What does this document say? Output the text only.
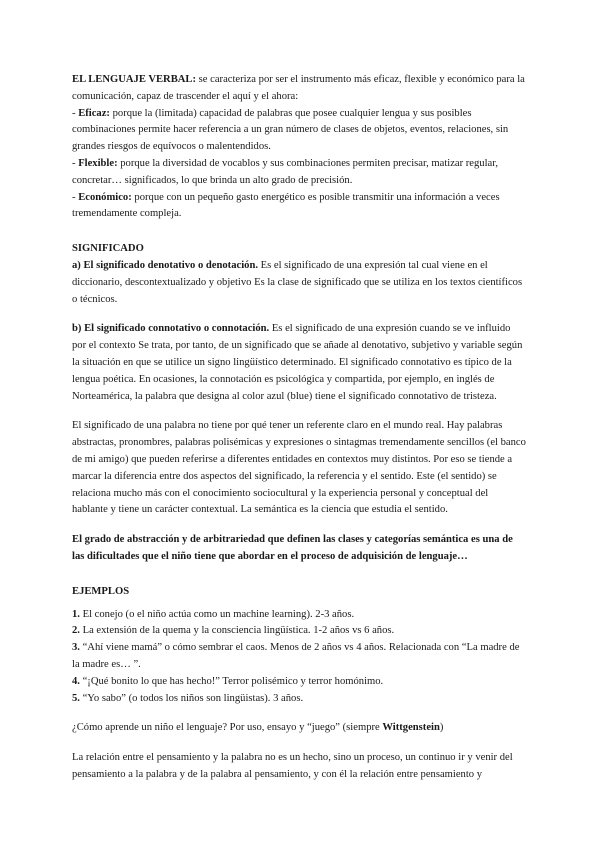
EL LENGUAJE VERBAL: se caracteriza por ser el instrumento más eficaz, flexible y económico para la comunicación, capaz de trascender el aquí y el ahora:

- Eficaz: porque la (limitada) capacidad de palabras que posee cualquier lengua y sus posibles combinaciones permite hacer referencia a un gran número de clases de objetos, eventos, relaciones, sin grandes riesgos de equívocos o malentendidos.

- Flexible: porque la diversidad de vocablos y sus combinaciones permiten precisar, matizar regular, concretar… significados, lo que brinda un alto grado de precisión.

- Económico: porque con un pequeño gasto energético es posible transmitir una información a veces tremendamente compleja.

SIGNIFICADO

a) El significado denotativo o denotación. Es el significado de una expresión tal cual viene en el diccionario, descontextualizado y objetivo Es la clase de significado que se utiliza en los textos científicos o técnicos.

b) El significado connotativo o connotación. Es el significado de una expresión cuando se ve influido por el contexto Se trata, por tanto, de un significado que se añade al denotativo, subjetivo y variable según la situación en que se utilice un signo lingüístico determinado. El significado connotativo es típico de la lengua poética. En ocasiones, la connotación es psicológica y compartida, por ejemplo, en inglés de Norteamérica, la palabra que designa al color azul (blue) tiene el significado connotativo de tristeza.

El significado de una palabra no tiene por qué tener un referente claro en el mundo real. Hay palabras abstractas, pronombres, palabras polisémicas y expresiones o sintagmas tremendamente sencillos (el banco de mi amigo) que pueden referirse a diferentes entidades en contextos muy distintos. Por eso se tiende a marcar la diferencia entre dos aspectos del significado, la referencia y el sentido. Este (el sentido) se relaciona mucho más con el conocimiento sociocultural y la experiencia personal y conceptual del hablante y tiene un carácter contextual. La semántica es la ciencia que estudia el sentido.

El grado de abstracción y de arbitrariedad que definen las clases y categorías semántica es una de las dificultades que el niño tiene que abordar en el proceso de adquisición de lenguaje…

EJEMPLOS

1. El conejo (o el niño actúa como un machine learning). 2-3 años.

2. La extensión de la quema y la consciencia lingüística. 1-2 años vs 6 años.

3. “Ahí viene mamá” o cómo sembrar el caos. Menos de 2 años vs 4 años. Relacionada con “La madre de la madre es… ”.

4. “¡Qué bonito lo que has hecho!” Terror polisémico y terror homónimo.

5. “Yo sabo” (o todos los niños son lingüistas). 3 años.

¿Cómo aprende un niño el lenguaje? Por uso, ensayo y “juego” (siempre Wittgenstein)

La relación entre el pensamiento y la palabra no es un hecho, sino un proceso, un continuo ir y venir del pensamiento a la palabra y de la palabra al pensamiento, y con él la relación entre pensamiento y
